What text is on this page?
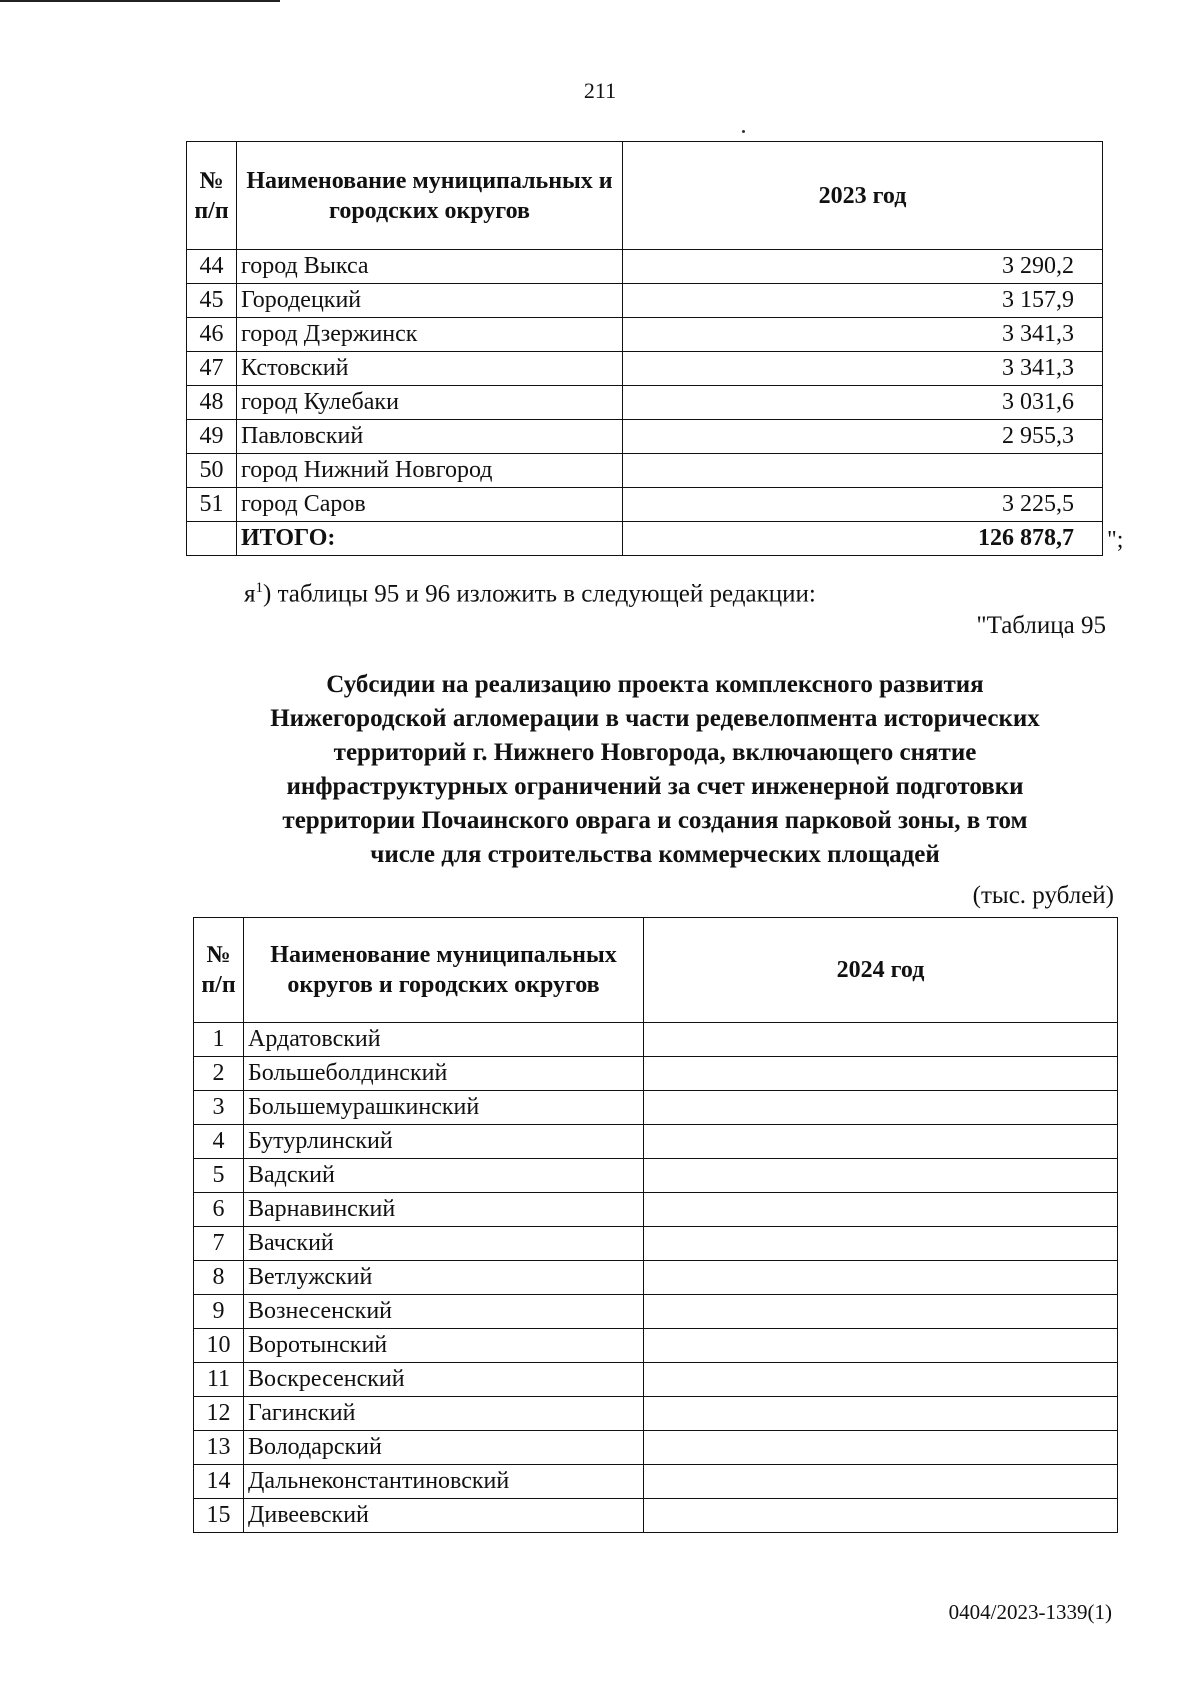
211
№ п/п	Наименование муниципальных и городских округов	2023 год
44	город Выкса	3 290,2
45	Городецкий	3 157,9
46	город Дзержинск	3 341,3
47	Кстовский	3 341,3
48	город Кулебаки	3 031,6
49	Павловский	2 955,3
50	город Нижний Новгород	
51	город Саров	3 225,5
	ИТОГО:	126 878,7 ";
$я^1$) таблицы 95 и 96 изложить в следующей редакции:
"Таблица 95
Субсидии на реализацию проекта комплексного развития
Нижегородской агломерации в части редевелопмента исторических
территорий г. Нижнего Новгорода, включающего снятие
инфраструктурных ограничений за счет инженерной подготовки
территории Почаинского оврага и создания парковой зоны, в том
числе для строительства коммерческих площадей
(тыс. рублей)
№ п/п	Наименование муниципальных округов и городских округов	2024 год
1	Ардатовский	
2	Большеболдинский	
3	Большемурашкинский	
4	Бутурлинский	
5	Вадский	
6	Варнавинский	
7	Вачский	
8	Ветлужский	
9	Вознесенский	
10	Воротынский	
11	Воскресенский	
12	Гагинский	
13	Володарский	
14	Дальнеконстантиновский	
15	Дивеевский	
0404/2023-1339(1)
